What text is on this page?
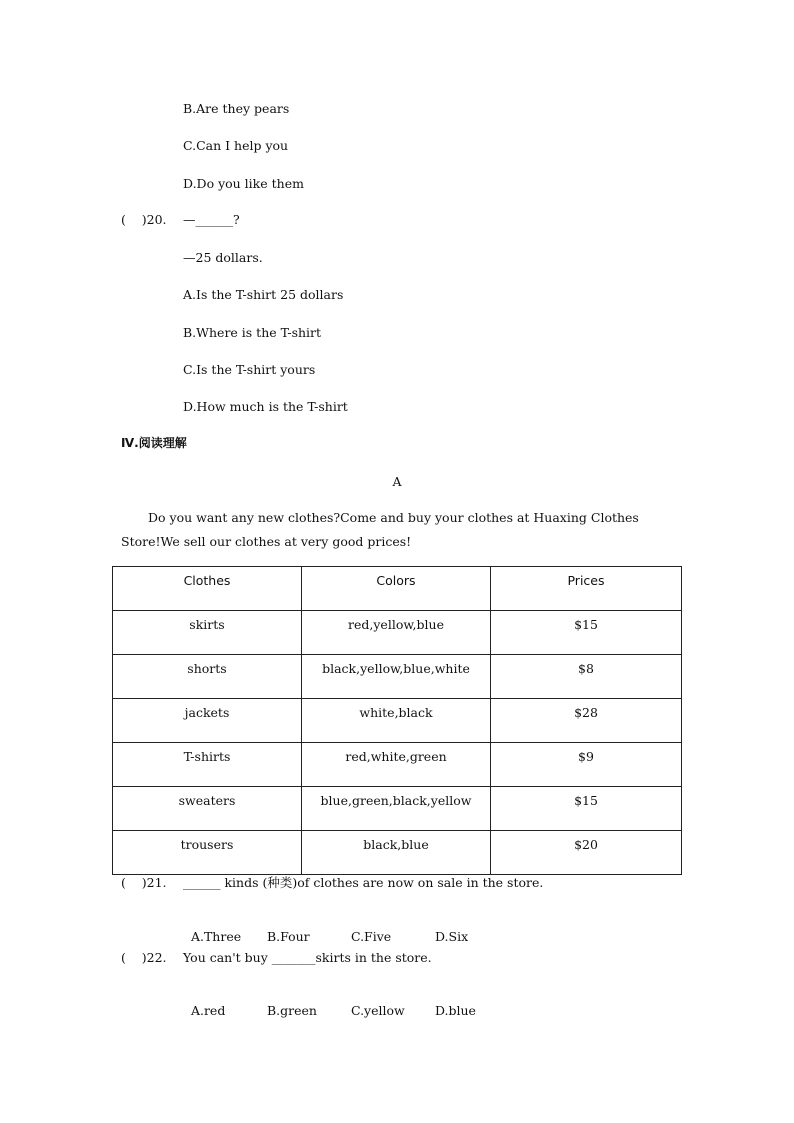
B.Are they pears
C.Can I help you
D.Do you like them
(    )20. —______?
—25 dollars.
A.Is the T-shirt 25 dollars
B.Where is the T-shirt
C.Is the T-shirt yours
D.How much is the T-shirt
Ⅳ.阅读理解
A
Do you want any new clothes?Come and buy your clothes at Huaxing Clothes Store!We sell our clothes at very good prices!
Clothes	Colors	Prices
skirts	red,yellow,blue	$15
shorts	black,yellow,blue,white	$8
jackets	white,black	$28
T-shirts	red,white,green	$9
sweaters	blue,green,black,yellow	$15
trousers	black,blue	$20
(    )21. ______ kinds (种类)of clothes are now on sale in the store.

A.Three B.Four	C.Five	D.Six

(    )22. You can't buy _______skirts in the store.

A.red	B.green	C.yellow D.blue
